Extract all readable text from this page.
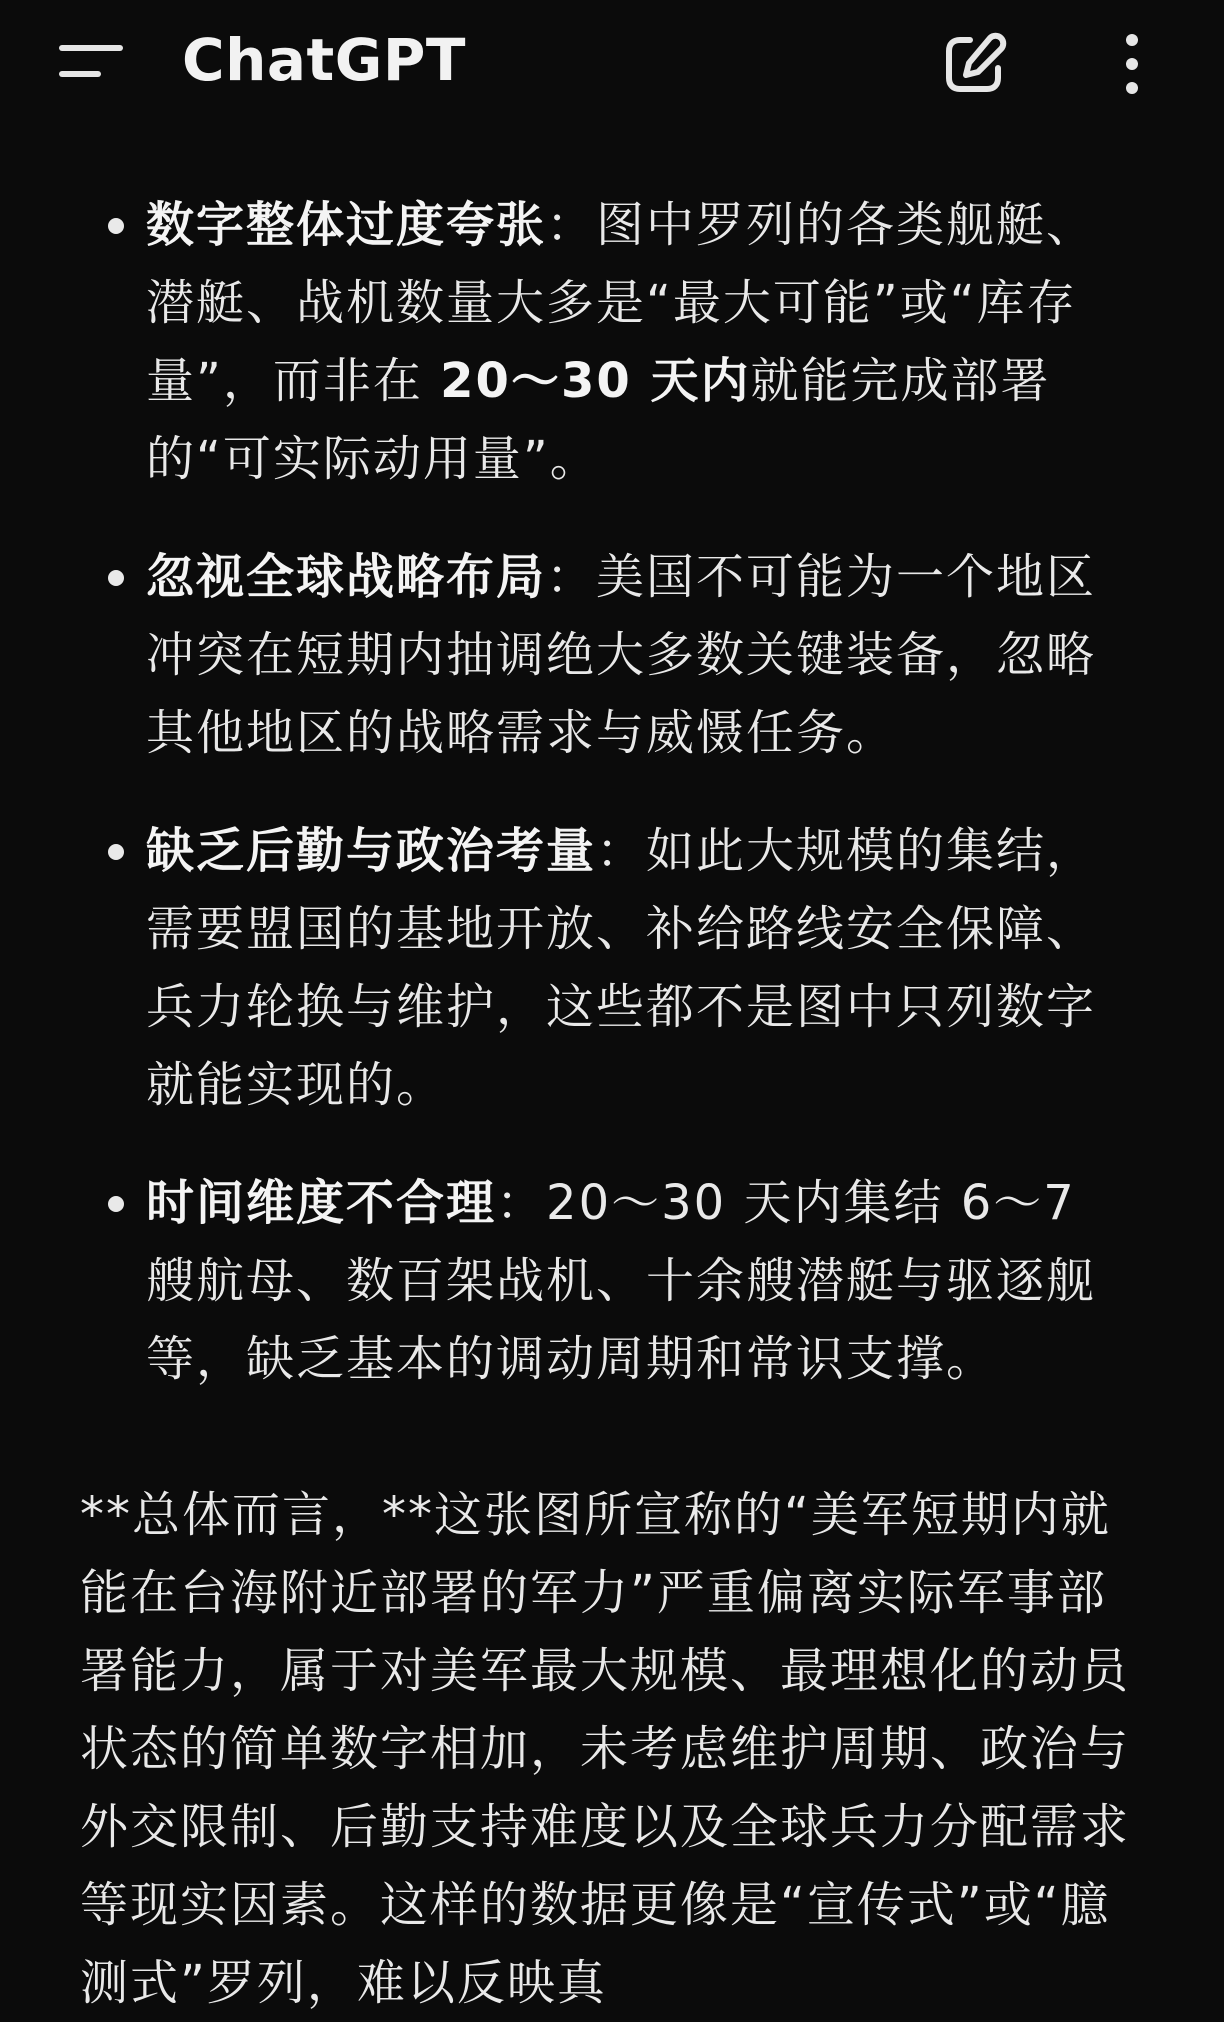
ChatGPT
数字整体过度夸张：图中罗列的各类舰艇、潜艇、战机数量大多是“最大可能”或“库存量”，而非在 20～30 天内就能完成部署的“可实际动用量”。
忽视全球战略布局：美国不可能为一个地区冲突在短期内抽调绝大多数关键装备，忽略其他地区的战略需求与威慑任务。
缺乏后勤与政治考量：如此大规模的集结，需要盟国的基地开放、补给路线安全保障、兵力轮换与维护，这些都不是图中只列数字就能实现的。
时间维度不合理：20～30 天内集结 6～7 艘航母、数百架战机、十余艘潜艇与驱逐舰等，缺乏基本的调动周期和常识支撑。

**总体而言，**这张图所宣称的“美军短期内就能在台海附近部署的军力”严重偏离实际军事部署能力，属于对美军最大规模、最理想化的动员状态的简单数字相加，未考虑维护周期、政治与外交限制、后勤支持难度以及全球兵力分配需求等现实因素。这样的数据更像是“宣传式”或“臆测式”罗列，难以反映真
